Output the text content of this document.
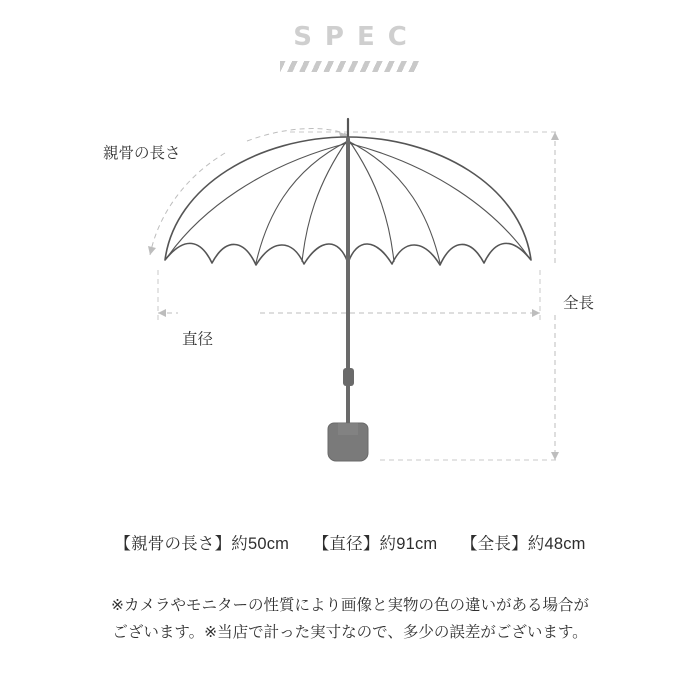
SPEC
親骨の長さ
直径
全長
【親骨の長さ】約50cm 【直径】約91cm 【全長】約48cm
※カメラやモニターの性質により画像と実物の色の違いがある場合が
ございます。※当店で計った実寸なので、多少の誤差がございます。
